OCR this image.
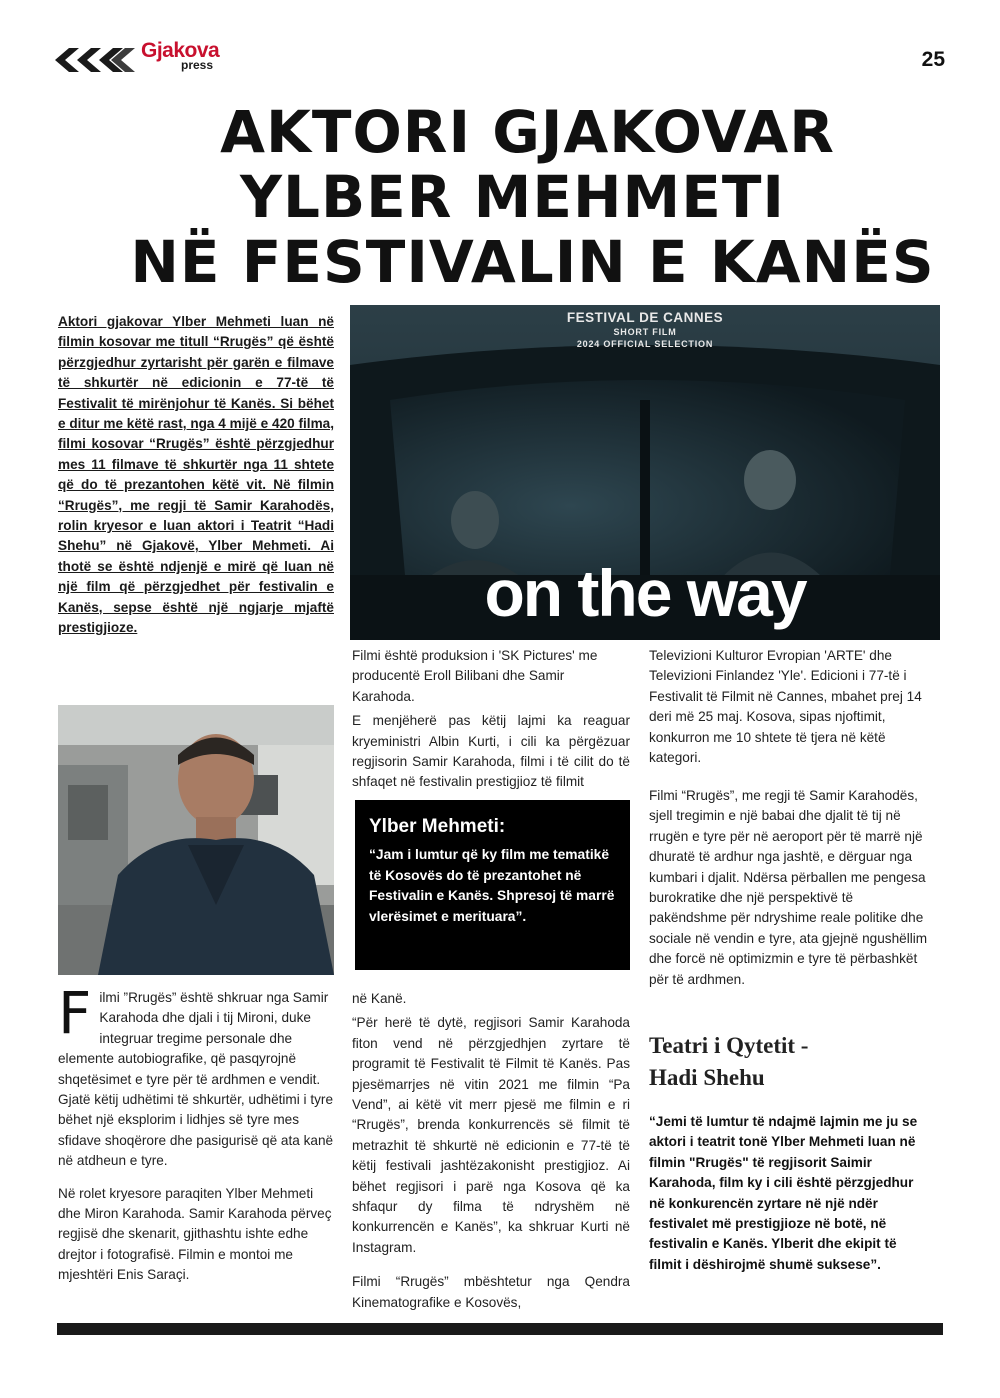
Gjakova
press	25
AKTORI GJAKOVAR
YLBER MEHMETI
NË FESTIVALIN E KANËS
Aktori gjakovar Ylber Mehmeti luan në filmin kosovar me titull “Rrugës” që është përzgjedhur zyrtarisht për garën e filmave të shkurtër në edicionin e 77-të të Festivalit të mirënjohur të Kanës. Si bëhet e ditur me këtë rast, nga 4 mijë e 420 filma, filmi kosovar “Rrugës” është përzgjedhur mes 11 filmave të shkurtër nga 11 shtete që do të prezantohen këtë vit. Në filmin “Rrugës”, me regji të Samir Karahodës, rolin kryesor e luan aktori i Teatrit “Hadi Shehu” në Gjakovë, Ylber Mehmeti. Ai thotë se është ndjenjë e mirë që luan në një film që përzgjedhet për festivalin e Kanës, sepse është një ngjarje mjaftë prestigjioze.
FESTIVAL DE CANNES
SHORT FILM
2024 OFFICIAL SELECTION
on the way

Filmi ”Rrugës” është shkruar nga Samir Karahoda dhe djali i tij Mironi, duke integruar tregime personale dhe elemente autobiografike, që pasqyrojnë shqetësimet e tyre për të ardhmen e vendit. Gjatë këtij udhëtimi të shkurtër, udhëtimi i tyre bëhet një eksplorim i lidhjes së tyre mes sfidave shoqërore dhe pasigurisë që ata kanë në atdheun e tyre.

Në rolet kryesore paraqiten Ylber Mehmeti dhe Miron Karahoda. Samir Karahoda përveç regjisë dhe skenarit, gjithashtu ishte edhe drejtor i fotografisë. Filmin e montoi me mjeshtëri Enis Saraçi.

Filmi është produksion i 'SK Pictures' me producentë Eroll Bilibani dhe Samir Karahoda.

E menjëherë pas këtij lajmi ka reaguar kryeministri Albin Kurti, i cili ka përgëzuar regjisorin Samir Karahoda, filmi i të cilit do të shfaqet në festivalin prestigjioz të filmit

Ylber Mehmeti:
“Jam i lumtur që ky film me tematikë të Kosovës do të prezantohet në Festivalin e Kanës. Shpresoj të marrë vlerësimet e merituara”.

në Kanë.

“Për herë të dytë, regjisori Samir Karahoda fiton vend në përzgjedhjen zyrtare të programit të Festivalit të Filmit të Kanës. Pas pjesëmarrjes në vitin 2021 me filmin “Pa Vend”, ai këtë vit merr pjesë me filmin e ri “Rrugës”, brenda konkurrencës së filmit të metrazhit të shkurtë në edicionin e 77-të të këtij festivali jashtëzakonisht prestigjioz. Ai bëhet regjisori i parë nga Kosova që ka shfaqur dy filma të ndryshëm në konkurrencën e Kanës”, ka shkruar Kurti në Instagram.

Filmi “Rrugës” mbështetur nga Qendra Kinematografike e Kosovës,

Televizioni Kulturor Evropian 'ARTE' dhe Televizioni Finlandez 'Yle'. Edicioni i 77-të i Festivalit të Filmit në Cannes, mbahet prej 14 deri më 25 maj. Kosova, sipas njoftimit, konkurron me 10 shtete të tjera në këtë kategori.
Filmi “Rrugës”, me regji të Samir Karahodës, sjell tregimin e një babai dhe djalit të tij në rrugën e tyre për në aeroport për të marrë një dhuratë të ardhur nga jashtë, e dërguar nga kumbari i djalit. Ndërsa përballen me pengesa burokratike dhe një perspektivë të pakëndshme për ndryshime reale politike dhe sociale në vendin e tyre, ata gjejnë ngushëllim dhe forcë në optimizmin e tyre të përbashkët për të ardhmen.
Teatri i Qytetit -
Hadi Shehu
“Jemi të lumtur të ndajmë lajmin me ju se aktori i teatrit tonë Ylber Mehmeti luan në filmin "Rrugës" të regjisorit Saimir Karahoda, film ky i cili është përzgjedhur në konkurencën zyrtare në një ndër festivalet më prestigjioze në botë, në festivalin e Kanës. Ylberit dhe ekipit të filmit i dëshirojmë shumë suksese”.
